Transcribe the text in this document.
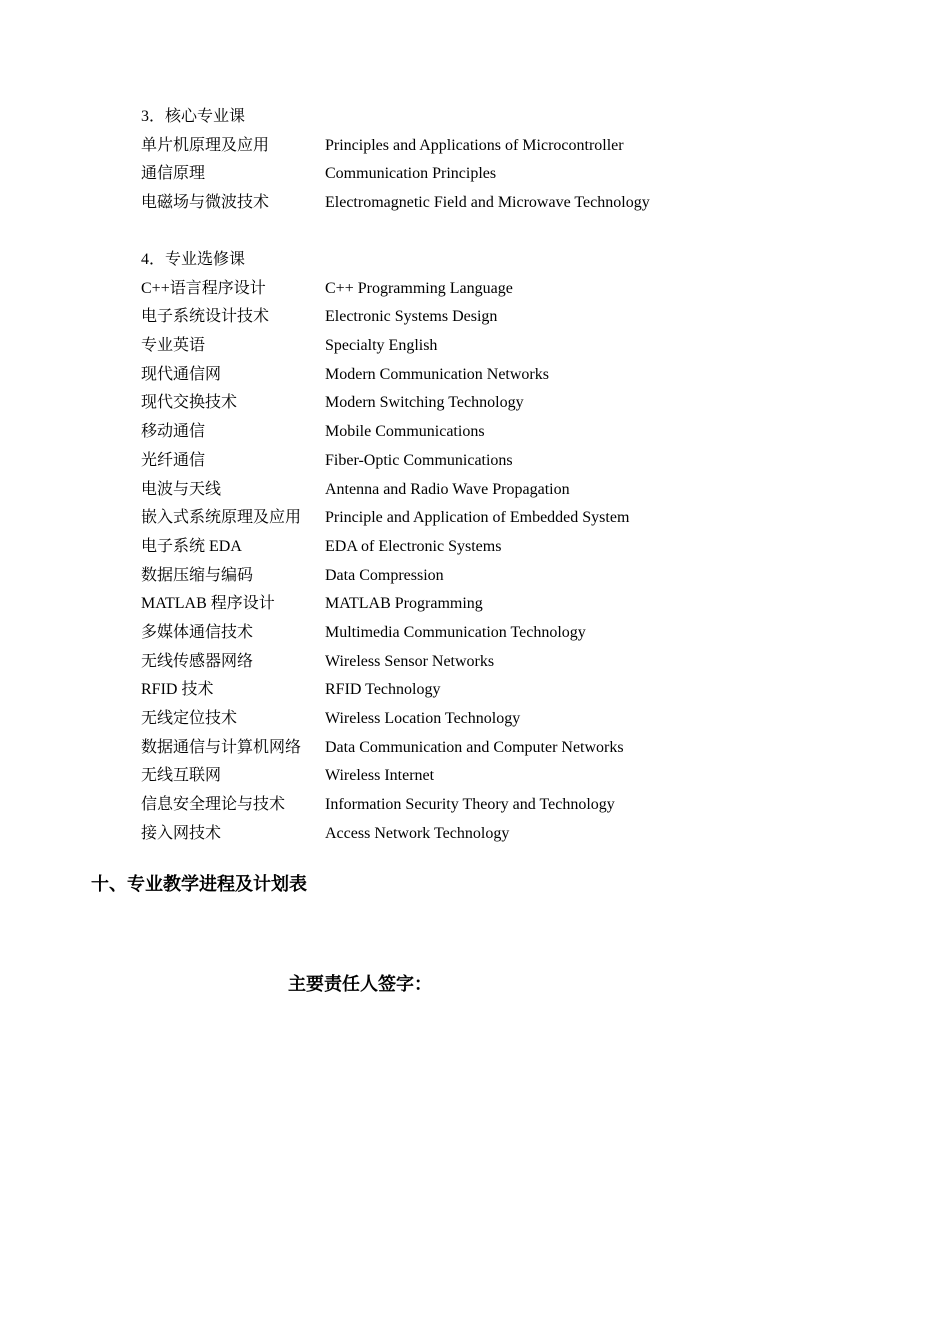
3．核心专业课
单片机原理及应用	Principles and Applications of Microcontroller
通信原理	Communication Principles
电磁场与微波技术	Electromagnetic Field and Microwave Technology
4．专业选修课
C++语言程序设计	C++ Programming Language
电子系统设计技术	Electronic Systems Design
专业英语	Specialty English
现代通信网	Modern Communication Networks
现代交换技术	Modern Switching Technology
移动通信	Mobile Communications
光纤通信	Fiber-Optic Communications
电波与天线	Antenna and Radio Wave Propagation
嵌入式系统原理及应用	Principle and Application of Embedded System
电子系统 EDA	EDA of Electronic Systems
数据压缩与编码	Data Compression
MATLAB 程序设计	MATLAB Programming
多媒体通信技术	Multimedia Communication Technology
无线传感器网络	Wireless Sensor Networks
RFID 技术	RFID Technology
无线定位技术	Wireless Location Technology
数据通信与计算机网络	Data Communication and Computer Networks
无线互联网	Wireless Internet
信息安全理论与技术	Information Security Theory and Technology
接入网技术	Access Network Technology
十、专业教学进程及计划表
主要责任人签字：
